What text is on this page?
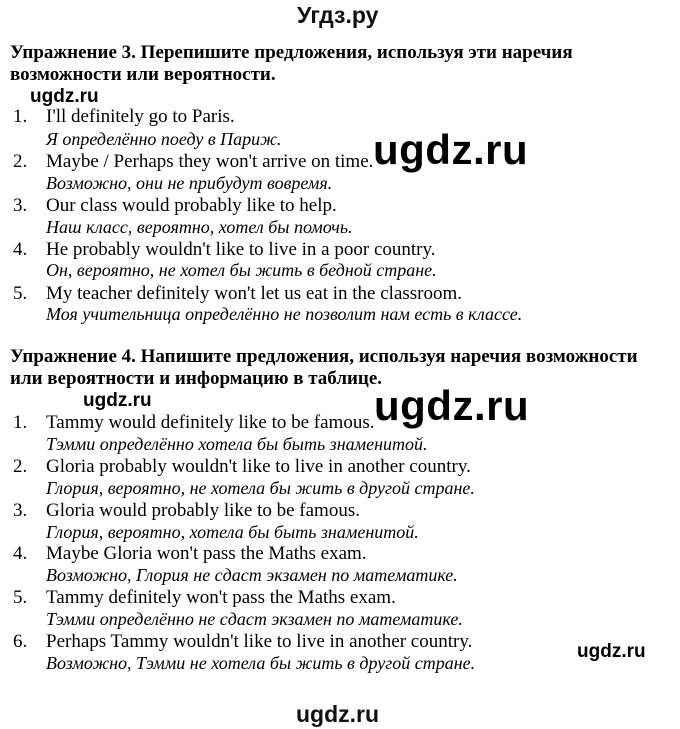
Угдз.ру
Упражнение 3. Перепишите предложения, используя эти наречия
возможности или вероятности.
ugdz.ru
ugdz.ru
1. I'll definitely go to Paris.
Я определённо поеду в Париж.
2. Maybe / Perhaps they won't arrive on time.
Возможно, они не прибудут вовремя.
3. Our class would probably like to help.
Наш класс, вероятно, хотел бы помочь.
4. He probably wouldn't like to live in a poor country.
Он, вероятно, не хотел бы жить в бедной стране.
5. My teacher definitely won't let us eat in the classroom.
Моя учительница определённо не позволит нам есть в классе.
Упражнение 4. Напишите предложения, используя наречия возможности
или вероятности и информацию в таблице.
ugdz.ru	ugdz.ru
1. Tammy would definitely like to be famous.
Тэмми определённо хотела бы быть знаменитой.
2. Gloria probably wouldn't like to live in another country.
Глория, вероятно, не хотела бы жить в другой стране.
3. Gloria would probably like to be famous.
Глория, вероятно, хотела бы быть знаменитой.
4. Maybe Gloria won't pass the Maths exam.
Возможно, Глория не сдаст экзамен по математике.
5. Tammy definitely won't pass the Maths exam.
Тэмми определённо не сдаст экзамен по математике.
6. Perhaps Tammy wouldn't like to live in another country.
Возможно, Тэмми не хотела бы жить в другой стране.
ugdz.ru
ugdz.ru
